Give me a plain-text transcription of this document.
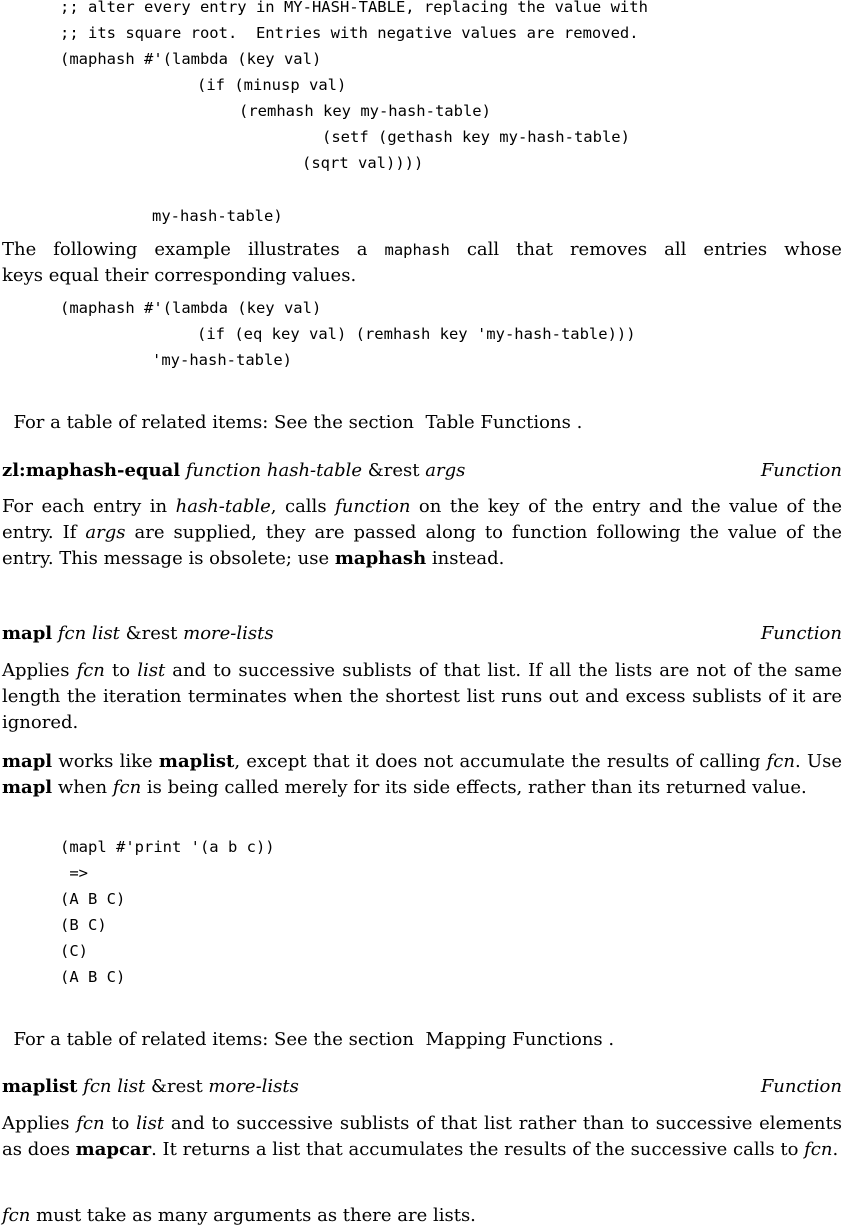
;; alter every entry in MY-HASH-TABLE, replacing the value with
;; its square root.  Entries with negative values are removed.
(maphash #'(lambda (key val)
(if (minusp val)
(remhash key my-hash-table)
(setf (gethash key my-hash-table)
(sqrt val))))
my-hash-table)
The following example illustrates a maphash call that removes all entries whose
keys equal their corresponding values.
(maphash #'(lambda (key val)
(if (eq key val) (remhash key 'my-hash-table)))
'my-hash-table)

For a table of related items: See the section Table Functions .

zl:maphash-equal function hash-table &rest args	Function
For each entry in hash-table, calls function on the key of the entry and the value of the entry. If args are supplied, they are passed along to function following the value of the entry. This message is obsolete; use maphash instead.
mapl fcn list &rest more-lists	Function
Applies fcn to list and to successive sublists of that list. If all the lists are not of the same length the iteration terminates when the shortest list runs out and excess sublists of it are ignored.
mapl works like maplist, except that it does not accumulate the results of calling fcn. Use mapl when fcn is being called merely for its side effects, rather than its returned value.
(mapl #'print '(a b c))
=>
(A B C)
(B C)
(C)
(A B C)

For a table of related items: See the section Mapping Functions .

maplist fcn list &rest more-lists	Function
Applies fcn to list and to successive sublists of that list rather than to successive elements as does mapcar. It returns a list that accumulates the results of the successive calls to fcn.
fcn must take as many arguments as there are lists.
